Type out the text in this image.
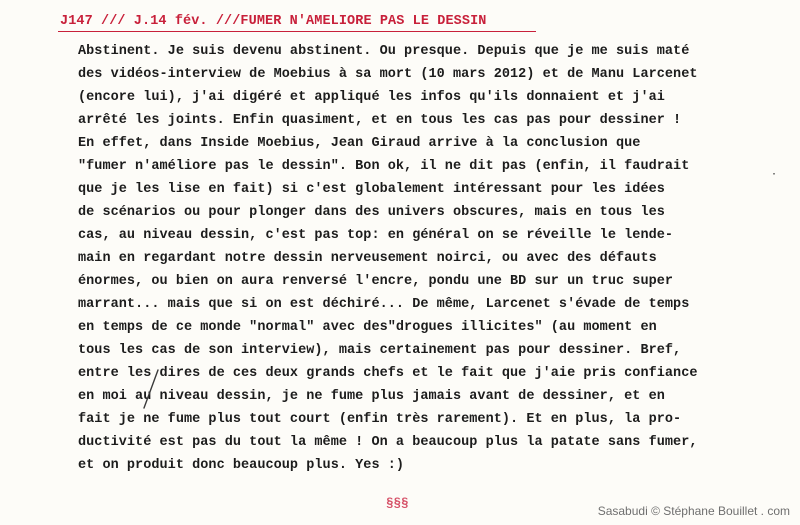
J147 /// J.14 fév. ///FUMER N'AMELIORE PAS LE DESSIN
Abstinent. Je suis devenu abstinent. Ou presque. Depuis que je me suis maté
des vidéos-interview de Moebius à sa mort (10 mars 2012) et de Manu Larcenet
(encore lui), j'ai digéré et appliqué les infos qu'ils donnaient et j'ai
arrêté les joints. Enfin quasiment, et en tous les cas pas pour dessiner !
En effet, dans Inside Moebius, Jean Giraud arrive à la conclusion que
"fumer n'améliore pas le dessin". Bon ok, il ne dit pas (enfin, il faudrait
que je les lise en fait) si c'est globalement intéressant pour les idées
de scénarios ou pour plonger dans des univers obscures, mais en tous les
cas, au niveau dessin, c'est pas top: en général on se réveille le lende-
main en regardant notre dessin nerveusement noirci, ou avec des défauts
énormes, ou bien on aura renversé l'encre, pondu une BD sur un truc super
marrant... mais que si on est déchiré... De même, Larcenet s'évade de temps
en temps de ce monde "normal" avec des"drogues illicites" (au moment en
tous les cas de son interview), mais certainement pas pour dessiner. Bref,
entre les dires de ces deux grands chefs et le fait que j'aie pris confiance
en moi au niveau dessin, je ne fume plus jamais avant de dessiner, et en
fait je ne fume plus tout court (enfin très rarement). Et en plus, la pro-
ductivité est pas du tout la même ! On a beaucoup plus la patate sans fumer,
et on produit donc beaucoup plus. Yes :)
·
§§§	Sasabudi © Stéphane Bouillet . com
